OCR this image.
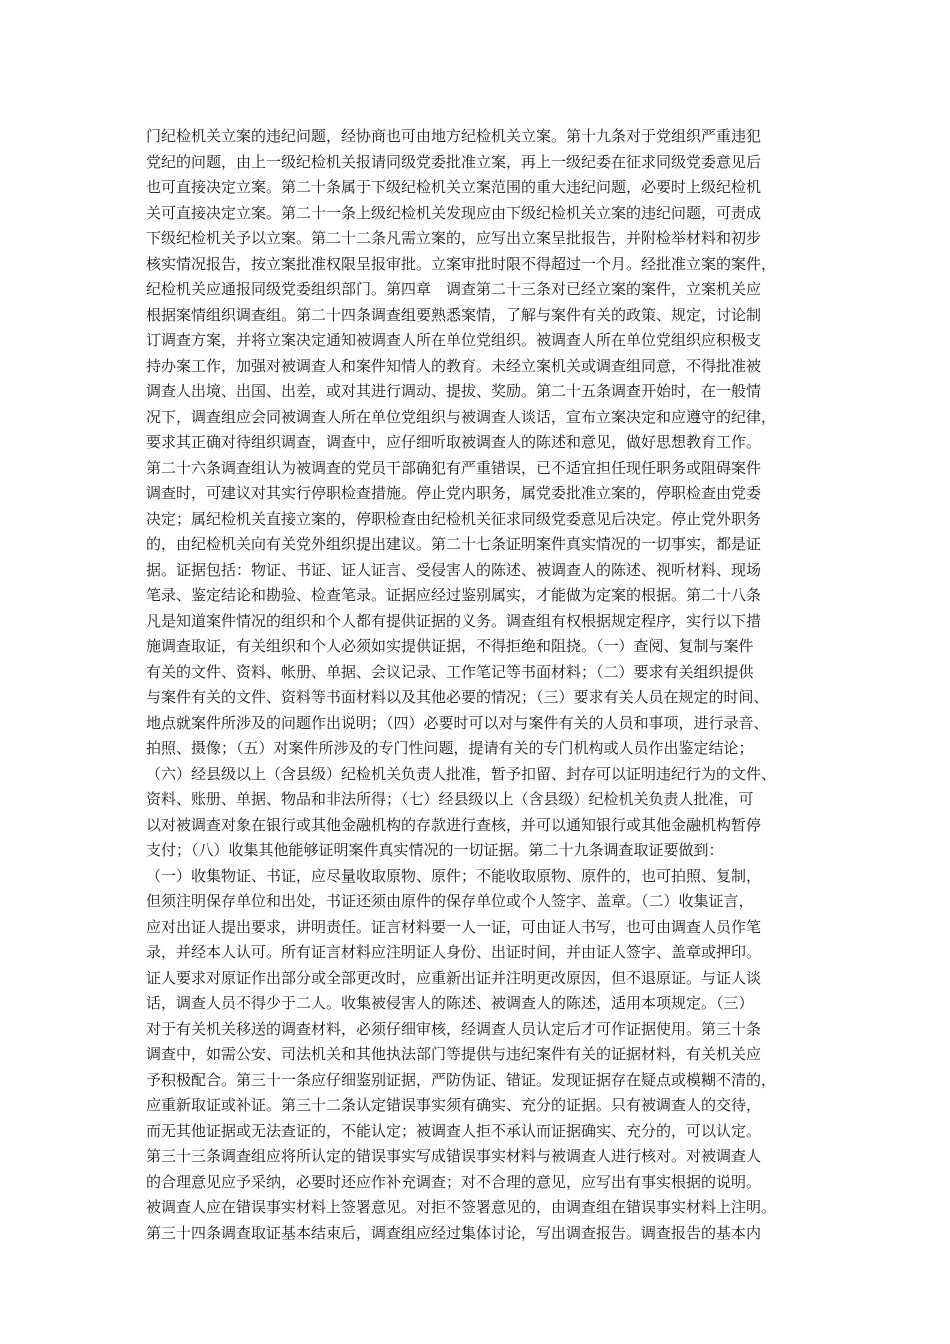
门纪检机关立案的违纪问题，经协商也可由地方纪检机关立案。第十九条对于党组织严重违犯
党纪的问题，由上一级纪检机关报请同级党委批准立案，再上一级纪委在征求同级党委意见后
也可直接决定立案。第二十条属于下级纪检机关立案范围的重大违纪问题，必要时上级纪检机
关可直接决定立案。第二十一条上级纪检机关发现应由下级纪检机关立案的违纪问题，可责成
下级纪检机关予以立案。第二十二条凡需立案的，应写出立案呈批报告，并附检举材料和初步
核实情况报告，按立案批准权限呈报审批。立案审批时限不得超过一个月。经批准立案的案件，
纪检机关应通报同级党委组织部门。第四章　调查第二十三条对已经立案的案件，立案机关应
根据案情组织调查组。第二十四条调查组要熟悉案情，了解与案件有关的政策、规定，讨论制
订调查方案，并将立案决定通知被调查人所在单位党组织。被调查人所在单位党组织应积极支
持办案工作，加强对被调查人和案件知情人的教育。未经立案机关或调查组同意，不得批准被
调查人出境、出国、出差，或对其进行调动、提拔、奖励。第二十五条调查开始时，在一般情
况下，调查组应会同被调查人所在单位党组织与被调查人谈话，宣布立案决定和应遵守的纪律，
要求其正确对待组织调查，调查中，应仔细听取被调查人的陈述和意见，做好思想教育工作。
第二十六条调查组认为被调查的党员干部确犯有严重错误，已不适宜担任现任职务或阻碍案件
调查时，可建议对其实行停职检查措施。停止党内职务，属党委批准立案的，停职检查由党委
决定；属纪检机关直接立案的，停职检查由纪检机关征求同级党委意见后决定。停止党外职务
的，由纪检机关向有关党外组织提出建议。第二十七条证明案件真实情况的一切事实，都是证
据。证据包括：物证、书证、证人证言、受侵害人的陈述、被调查人的陈述、视听材料、现场
笔录、鉴定结论和勘验、检查笔录。证据应经过鉴别属实，才能做为定案的根据。第二十八条
凡是知道案件情况的组织和个人都有提供证据的义务。调查组有权根据规定程序，实行以下措
施调查取证，有关组织和个人必须如实提供证据，不得拒绝和阻挠。（一）查阅、复制与案件
有关的文件、资料、帐册、单据、会议记录、工作笔记等书面材料；（二）要求有关组织提供
与案件有关的文件、资料等书面材料以及其他必要的情况；（三）要求有关人员在规定的时间、
地点就案件所涉及的问题作出说明；（四）必要时可以对与案件有关的人员和事项，进行录音、
拍照、摄像；（五）对案件所涉及的专门性问题，提请有关的专门机构或人员作出鉴定结论；
（六）经县级以上（含县级）纪检机关负责人批准，暂予扣留、封存可以证明违纪行为的文件、
资料、账册、单据、物品和非法所得；（七）经县级以上（含县级）纪检机关负责人批准，可
以对被调查对象在银行或其他金融机构的存款进行查核，并可以通知银行或其他金融机构暂停
支付；（八）收集其他能够证明案件真实情况的一切证据。第二十九条调查取证要做到：
（一）收集物证、书证，应尽量收取原物、原件；不能收取原物、原件的，也可拍照、复制，
但须注明保存单位和出处，书证还须由原件的保存单位或个人签字、盖章。（二）收集证言，
应对出证人提出要求，讲明责任。证言材料要一人一证，可由证人书写，也可由调查人员作笔
录，并经本人认可。所有证言材料应注明证人身份、出证时间，并由证人签字、盖章或押印。
证人要求对原证作出部分或全部更改时，应重新出证并注明更改原因，但不退原证。与证人谈
话，调查人员不得少于二人。收集被侵害人的陈述、被调查人的陈述，适用本项规定。（三）
对于有关机关移送的调查材料，必须仔细审核，经调查人员认定后才可作证据使用。第三十条
调查中，如需公安、司法机关和其他执法部门等提供与违纪案件有关的证据材料，有关机关应
予积极配合。第三十一条应仔细鉴别证据，严防伪证、错证。发现证据存在疑点或模糊不清的，
应重新取证或补证。第三十二条认定错误事实须有确实、充分的证据。只有被调查人的交待，
而无其他证据或无法查证的，不能认定；被调查人拒不承认而证据确实、充分的，可以认定。
第三十三条调查组应将所认定的错误事实写成错误事实材料与被调查人进行核对。对被调查人
的合理意见应予采纳，必要时还应作补充调查；对不合理的意见，应写出有事实根据的说明。
被调查人应在错误事实材料上签署意见。对拒不签署意见的，由调查组在错误事实材料上注明。
第三十四条调查取证基本结束后，调查组应经过集体讨论，写出调查报告。调查报告的基本内
